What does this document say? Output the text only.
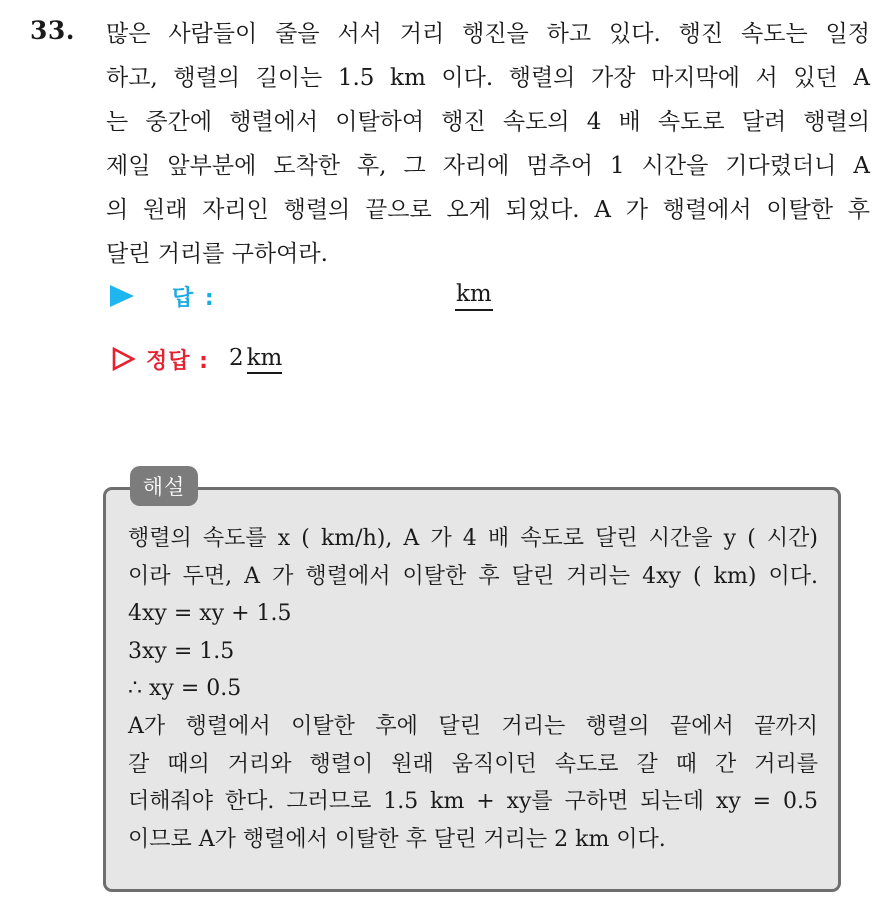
33. 많은 사람들이 줄을 서서 거리 행진을 하고 있다. 행진 속도는 일정
하고, 행렬의 길이는 1.5 km 이다. 행렬의 가장 마지막에 서 있던 A
는 중간에 행렬에서 이탈하여 행진 속도의 4 배 속도로 달려 행렬의
제일 앞부분에 도착한 후, 그 자리에 멈추어 1 시간을 기다렸더니 A
의 원래 자리인 행렬의 끝으로 오게 되었다. A 가 행렬에서 이탈한 후
달린 거리를 구하여라.
답 :	km
정답 : 2 km
해설
행렬의 속도를 x ( km/h), A 가 4 배 속도로 달린 시간을 y ( 시간)
이라 두면, A 가 행렬에서 이탈한 후 달린 거리는 4xy ( km) 이다.
4xy = xy + 1.5
3xy = 1.5
∴ xy = 0.5
A가 행렬에서 이탈한 후에 달린 거리는 행렬의 끝에서 끝까지
갈 때의 거리와 행렬이 원래 움직이던 속도로 갈 때 간 거리를
더해줘야 한다. 그러므로 1.5 km + xy를 구하면 되는데 xy = 0.5
이므로 A가 행렬에서 이탈한 후 달린 거리는 2 km 이다.
